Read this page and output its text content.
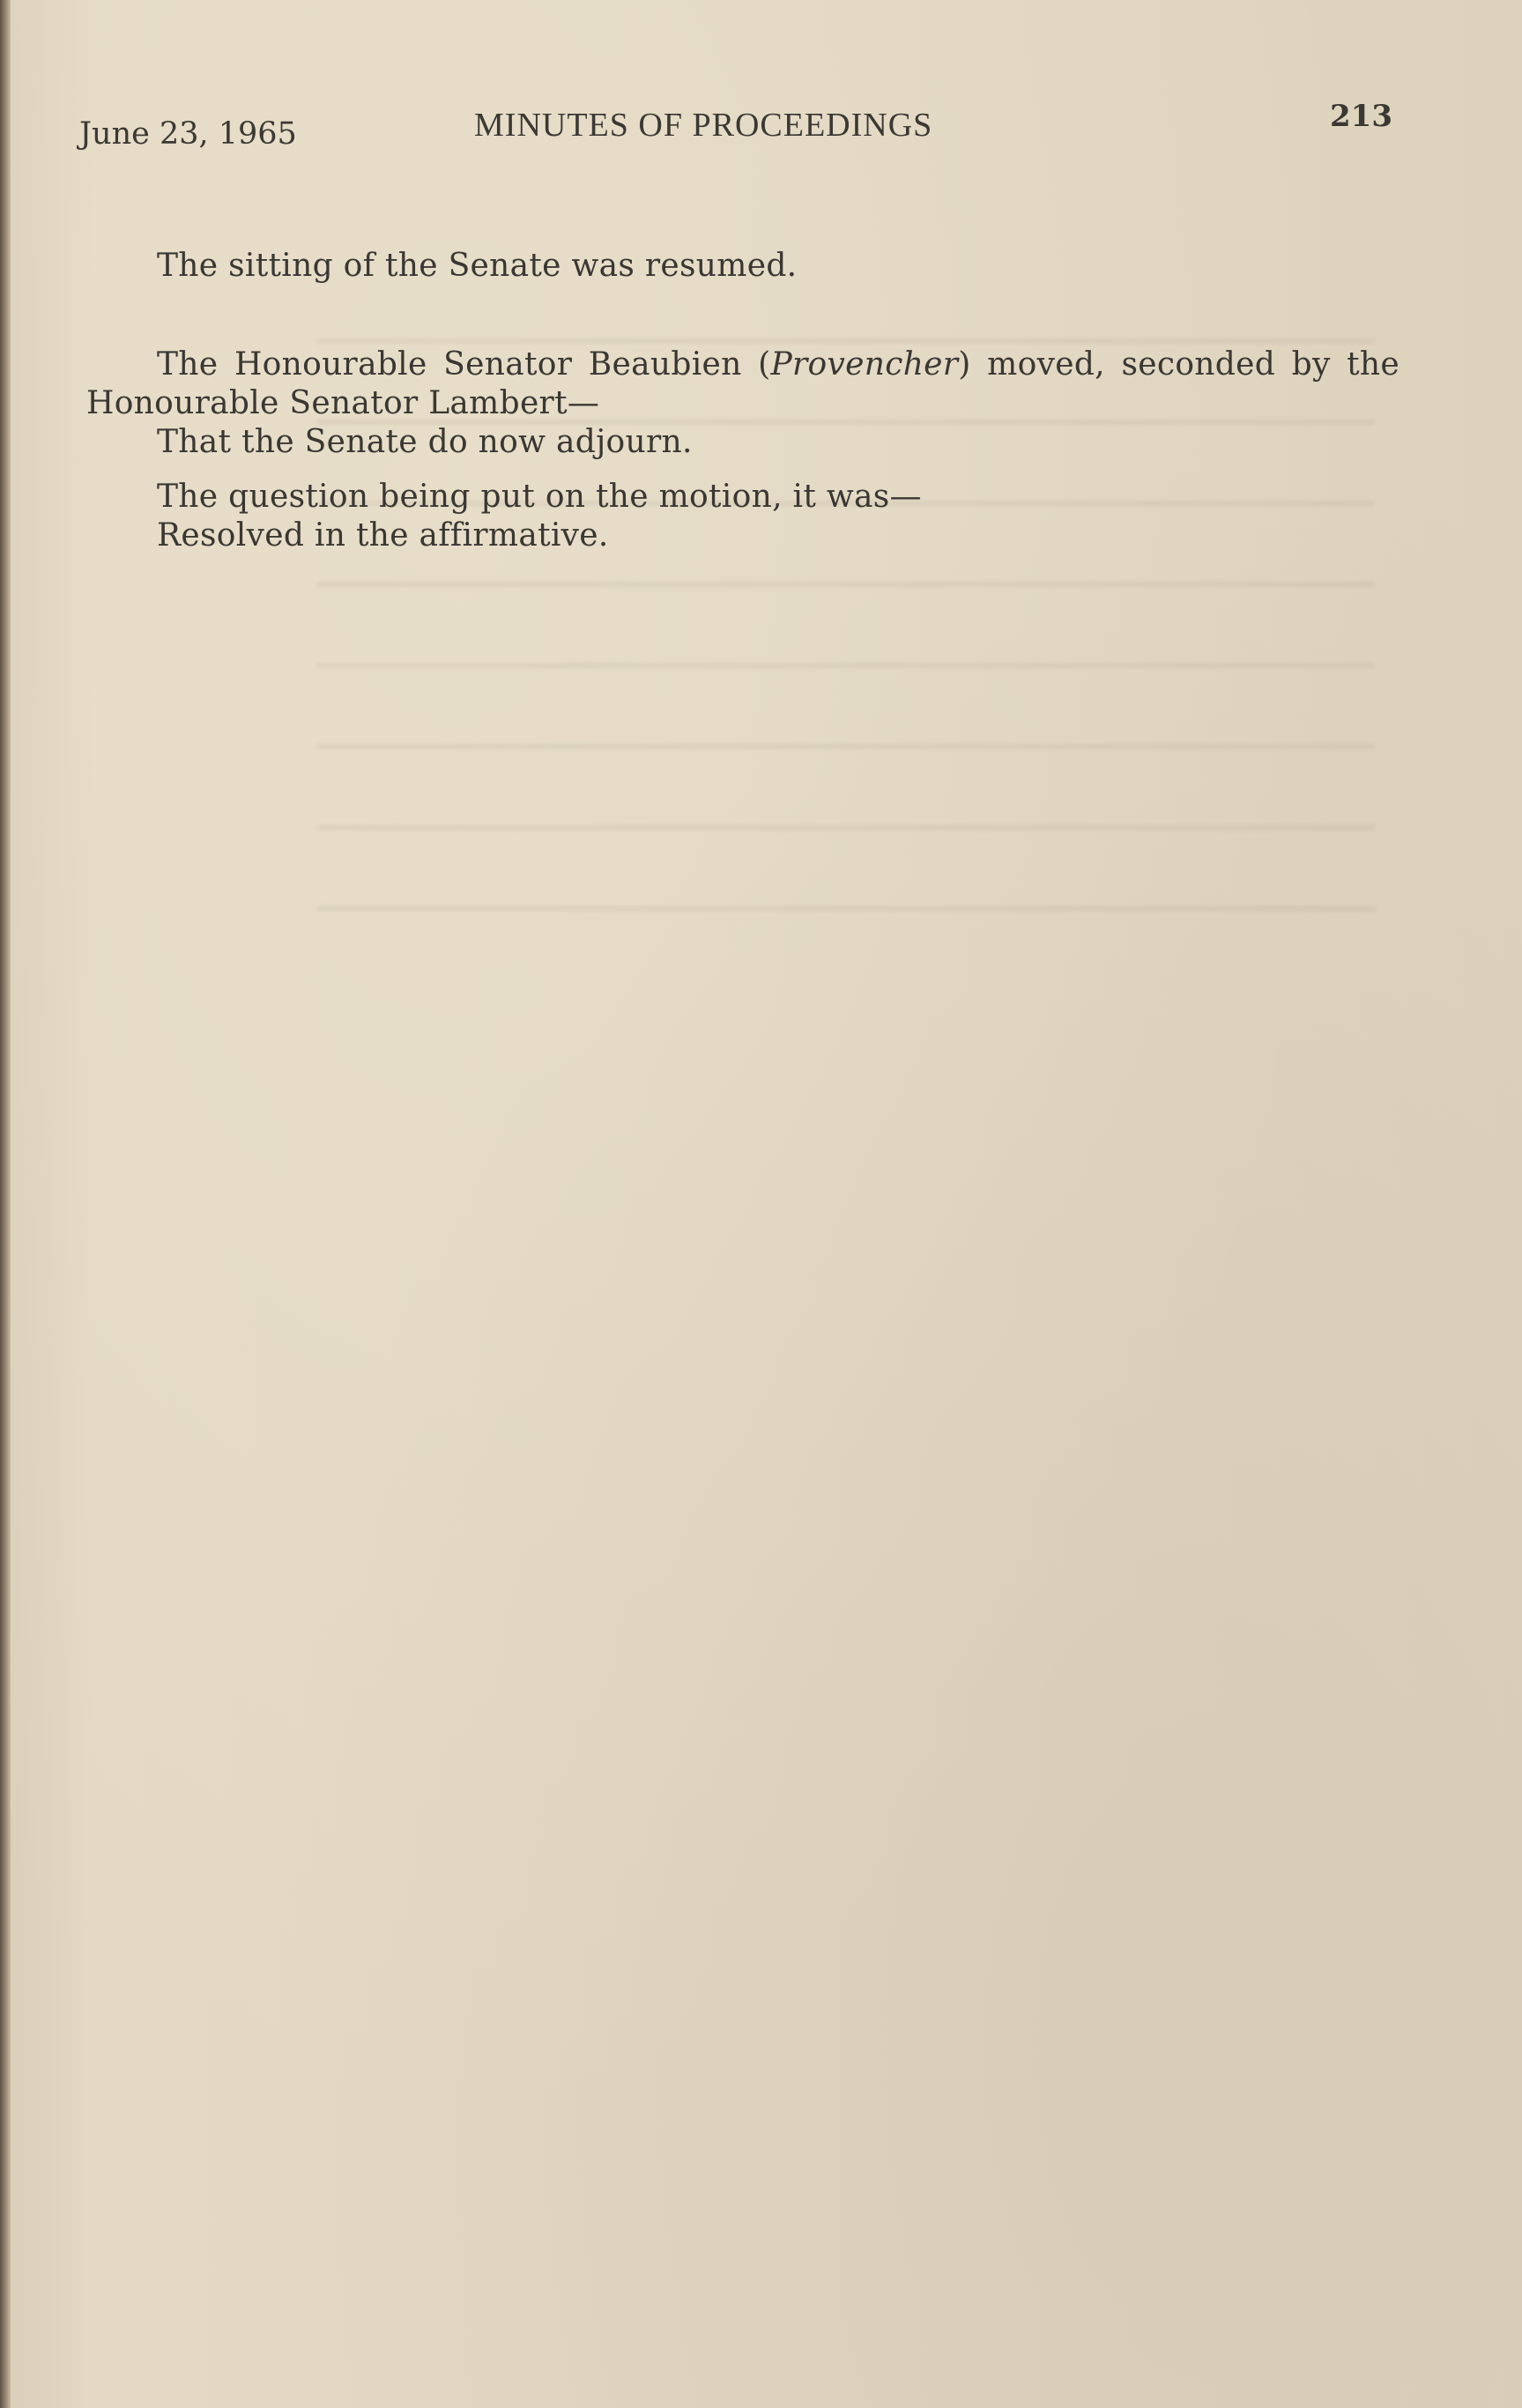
June 23, 1965	MINUTES OF PROCEEDINGS	213

The sitting of the Senate was resumed.

The Honourable Senator Beaubien (Provencher) moved, seconded by the

Honourable Senator Lambert—

That the Senate do now adjourn.

The question being put on the motion, it was—

Resolved in the affirmative.
